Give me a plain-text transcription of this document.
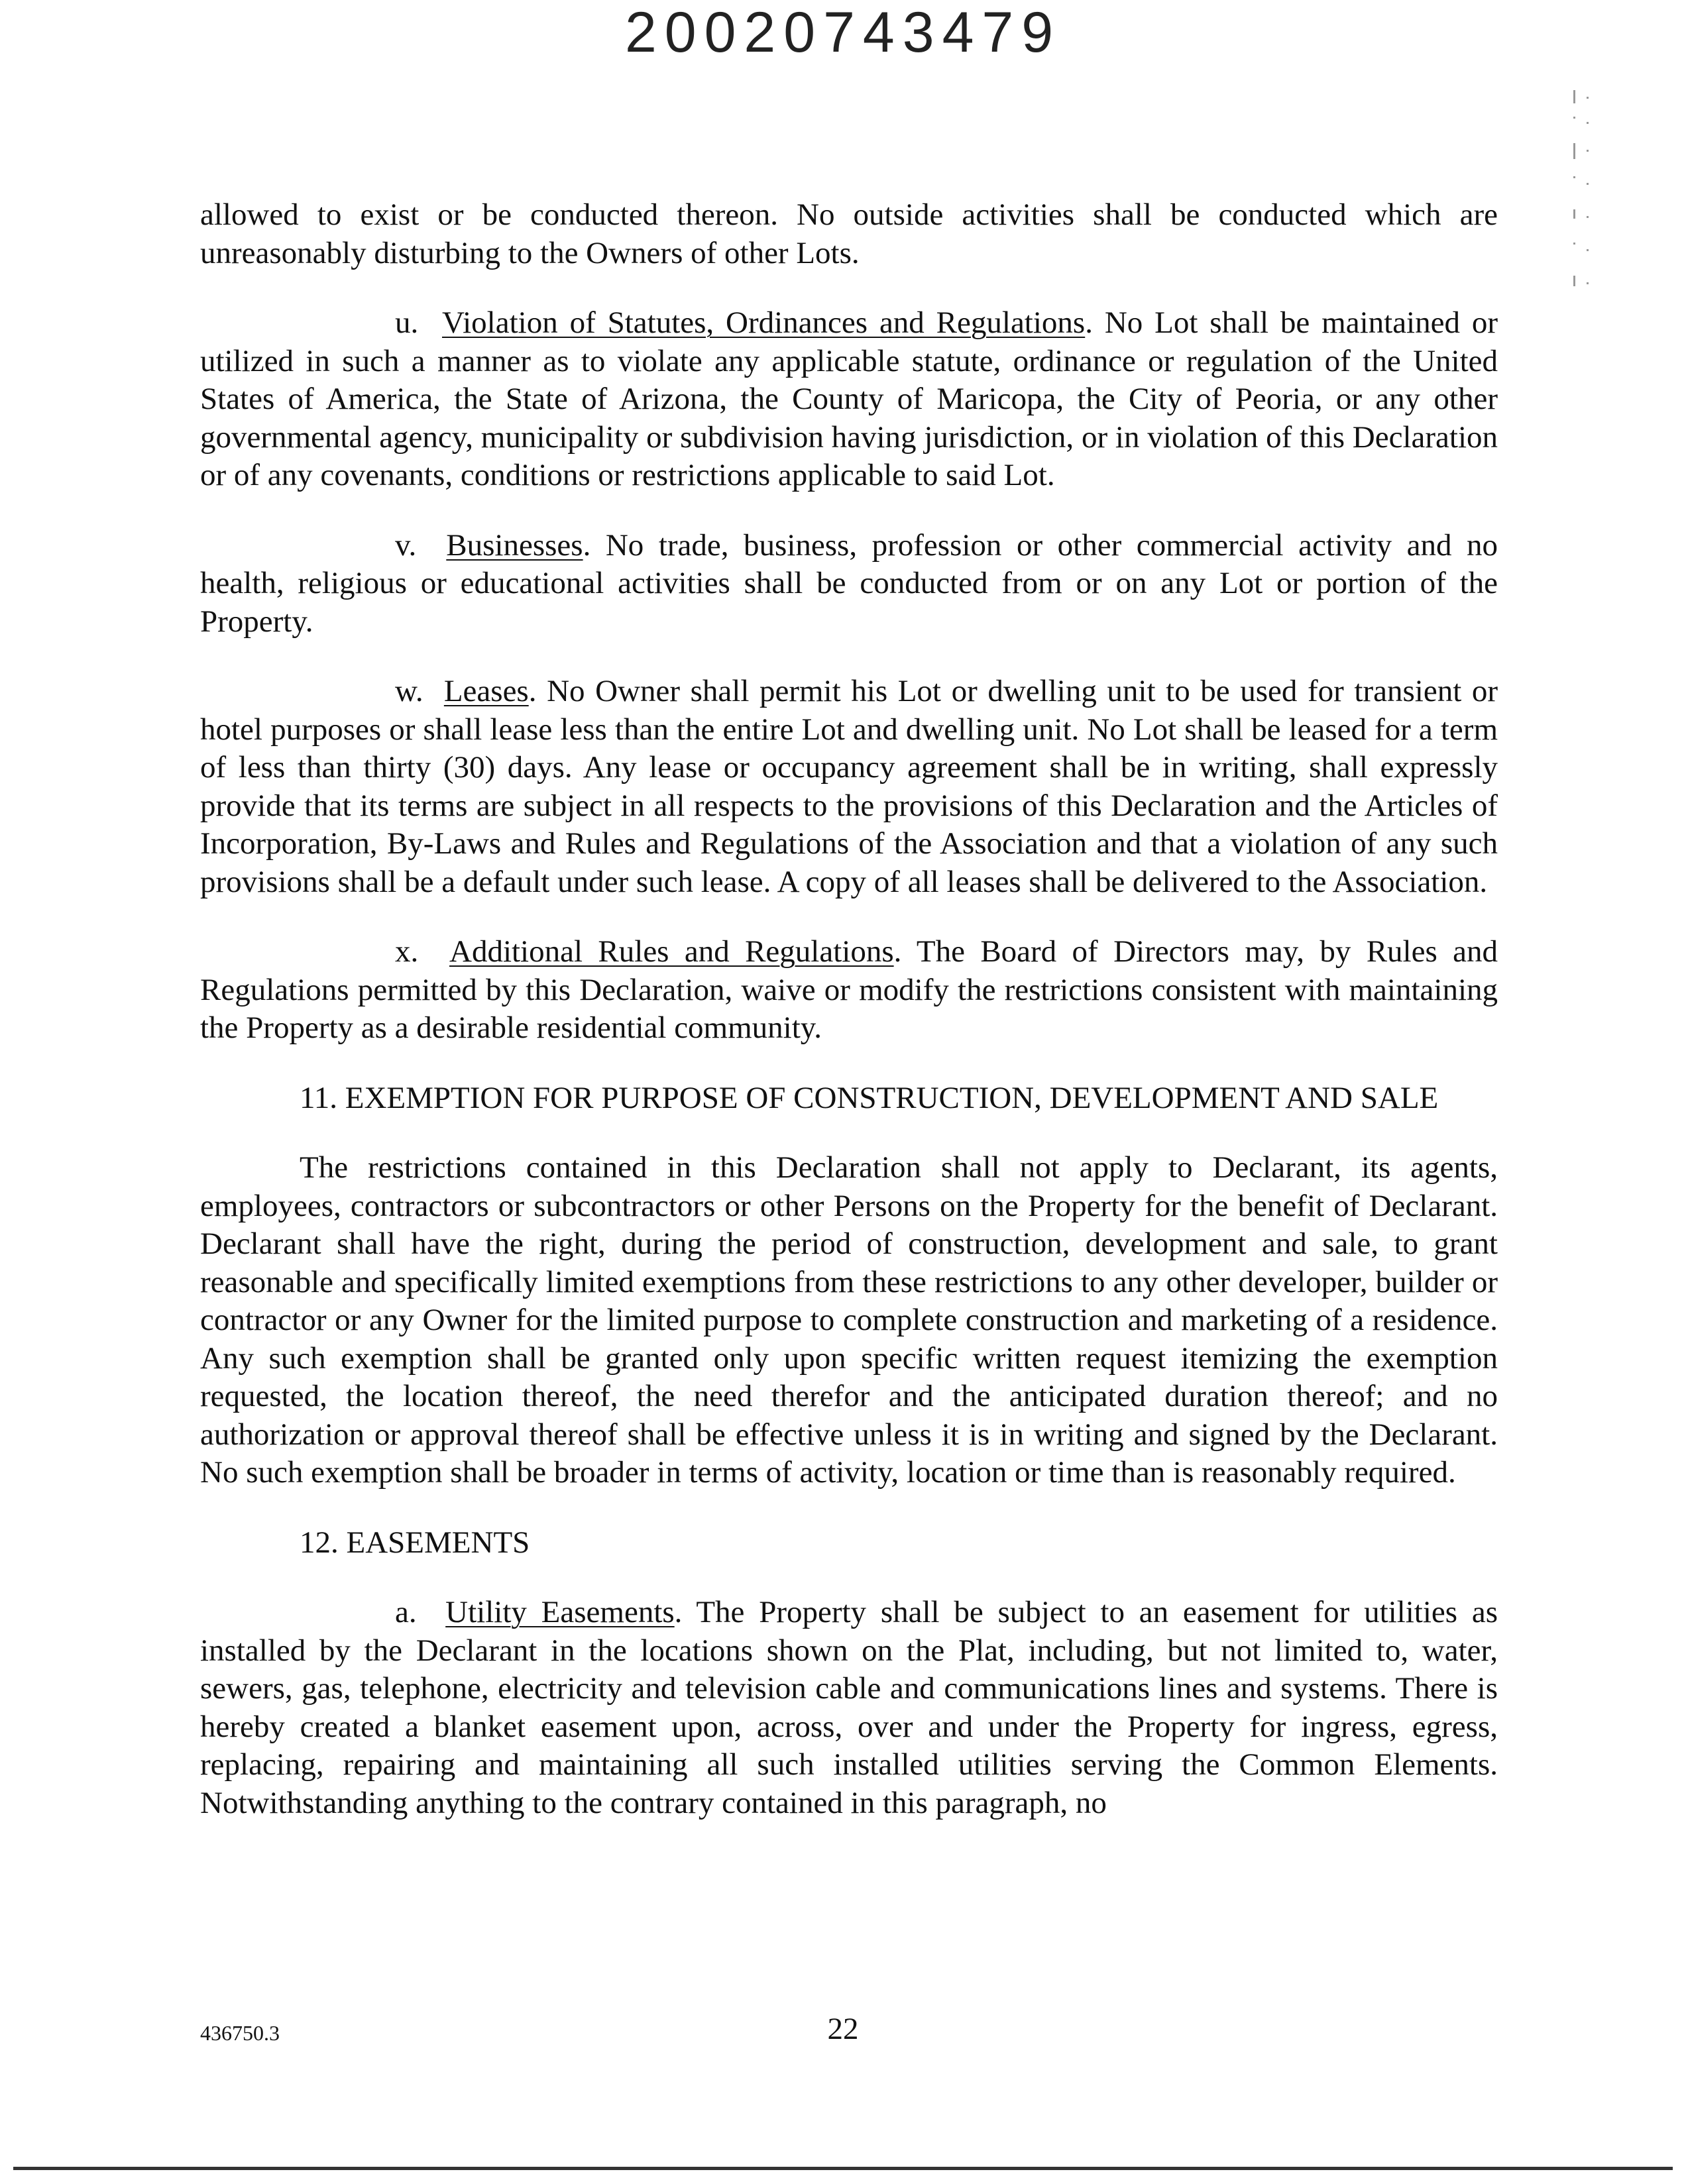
20020743479

allowed to exist or be conducted thereon. No outside activities shall be conducted which are unreasonably disturbing to the Owners of other Lots.

u. Violation of Statutes, Ordinances and Regulations. No Lot shall be maintained or utilized in such a manner as to violate any applicable statute, ordinance or regulation of the United States of America, the State of Arizona, the County of Maricopa, the City of Peoria, or any other governmental agency, municipality or subdivision having jurisdiction, or in violation of this Declaration or of any covenants, conditions or restrictions applicable to said Lot.

v. Businesses. No trade, business, profession or other commercial activity and no health, religious or educational activities shall be conducted from or on any Lot or portion of the Property.

w. Leases. No Owner shall permit his Lot or dwelling unit to be used for transient or hotel purposes or shall lease less than the entire Lot and dwelling unit. No Lot shall be leased for a term of less than thirty (30) days. Any lease or occupancy agreement shall be in writing, shall expressly provide that its terms are subject in all respects to the provisions of this Declaration and the Articles of Incorporation, By-Laws and Rules and Regulations of the Association and that a violation of any such provisions shall be a default under such lease. A copy of all leases shall be delivered to the Association.

x. Additional Rules and Regulations. The Board of Directors may, by Rules and Regulations permitted by this Declaration, waive or modify the restrictions consistent with maintaining the Property as a desirable residential community.

11. EXEMPTION FOR PURPOSE OF CONSTRUCTION, DEVELOPMENT AND SALE

The restrictions contained in this Declaration shall not apply to Declarant, its agents, employees, contractors or subcontractors or other Persons on the Property for the benefit of Declarant. Declarant shall have the right, during the period of construction, development and sale, to grant reasonable and specifically limited exemptions from these restrictions to any other developer, builder or contractor or any Owner for the limited purpose to complete construction and marketing of a residence. Any such exemption shall be granted only upon specific written request itemizing the exemption requested, the location thereof, the need therefor and the anticipated duration thereof; and no authorization or approval thereof shall be effective unless it is in writing and signed by the Declarant. No such exemption shall be broader in terms of activity, location or time than is reasonably required.

12. EASEMENTS

a. Utility Easements. The Property shall be subject to an easement for utilities as installed by the Declarant in the locations shown on the Plat, including, but not limited to, water, sewers, gas, telephone, electricity and television cable and communications lines and systems. There is hereby created a blanket easement upon, across, over and under the Property for ingress, egress, replacing, repairing and maintaining all such installed utilities serving the Common Elements. Notwithstanding anything to the contrary contained in this paragraph, no

436750.3	22
